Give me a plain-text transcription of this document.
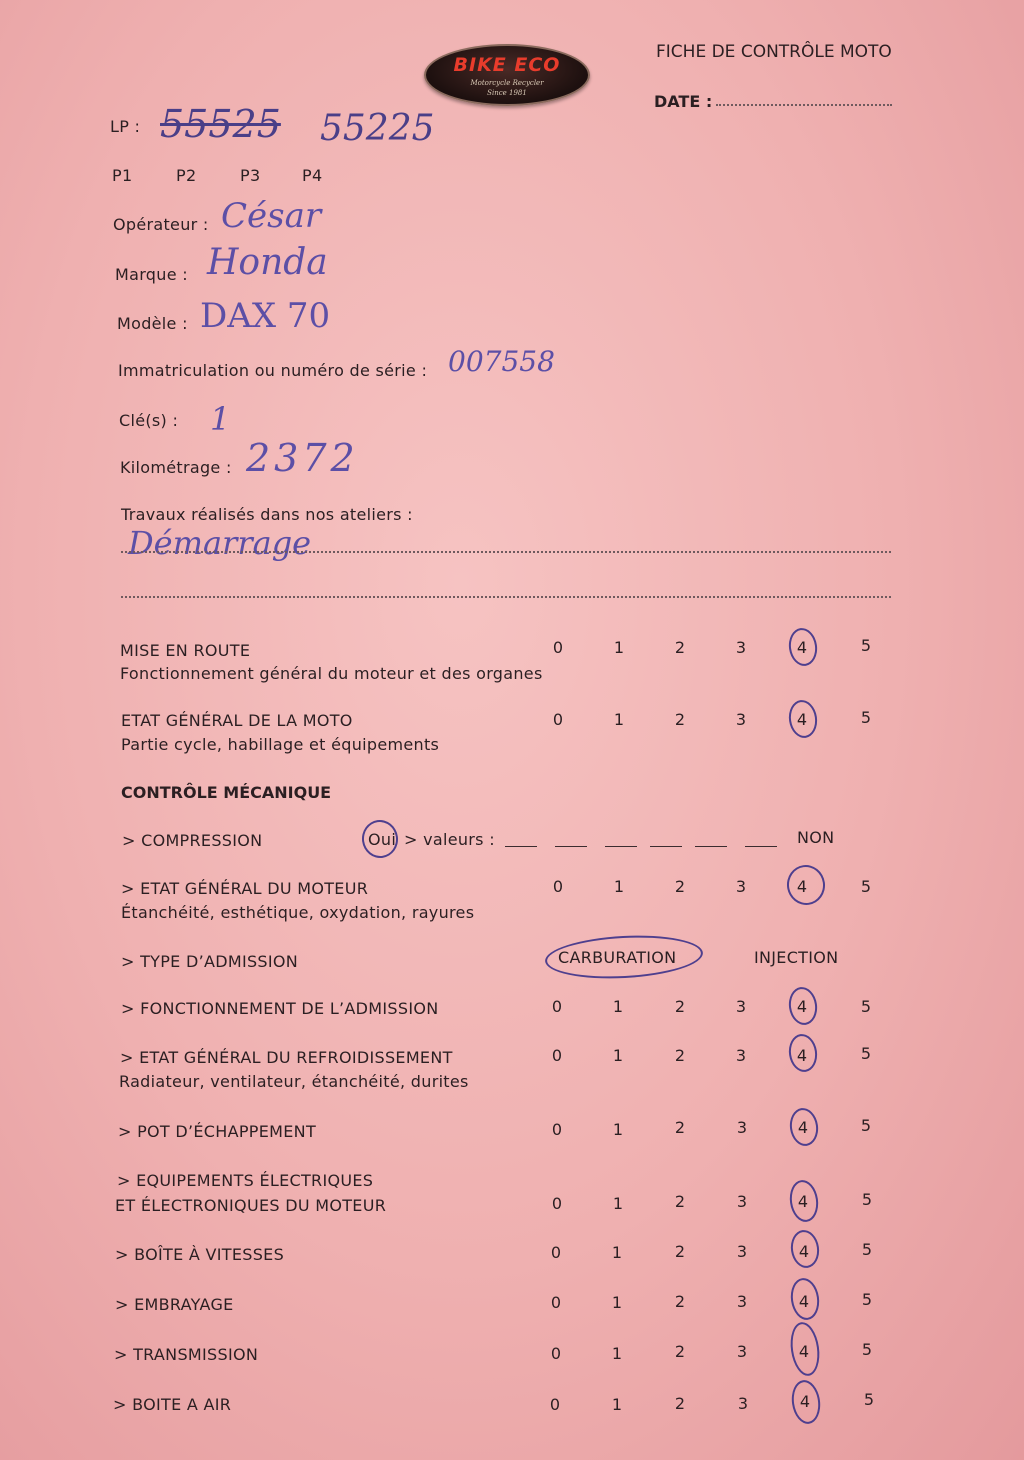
BIKE ECO
Motorcycle Recycler
Since 1981
FICHE DE CONTRÔLE MOTO
DATE :
LP : 55525 55225
P1	P2	P3	P4
Opérateur : César
Marque : Honda
Modèle : DAX 70
Immatriculation ou numéro de série : 007558
Clé(s) : 1
Kilométrage : 2372
Travaux réalisés dans nos ateliers :
Démarrage
MISE EN ROUTE
Fonctionnement général du moteur et des organes
0	1	2	3	4	5
ETAT GÉNÉRAL DE LA MOTO
Partie cycle, habillage et équipements
0	1	2	3	4	5
CONTRÔLE MÉCANIQUE
> COMPRESSION	Oui > valeurs :	NON
> ETAT GÉNÉRAL DU MOTEUR
Étanchéité, esthétique, oxydation, rayures
0	1	2	3	4	5
> TYPE D’ADMISSION	CARBURATION	INJECTION
> FONCTIONNEMENT DE L’ADMISSION	0	1	2	3	4	5
> ETAT GÉNÉRAL DU REFROIDISSEMENT
Radiateur, ventilateur, étanchéité, durites
0	1	2	3	4	5
> POT D’ÉCHAPPEMENT	0	1	2	3	4	5
> EQUIPEMENTS ÉLECTRIQUES
ET ÉLECTRONIQUES DU MOTEUR	0	1	2	3	4	5
> BOÎTE À VITESSES	0	1	2	3	4	5
> EMBRAYAGE	0	1	2	3	4	5
> TRANSMISSION	0	1	2	3	4	5
> BOITE A AIR	0	1	2	3	4	5
